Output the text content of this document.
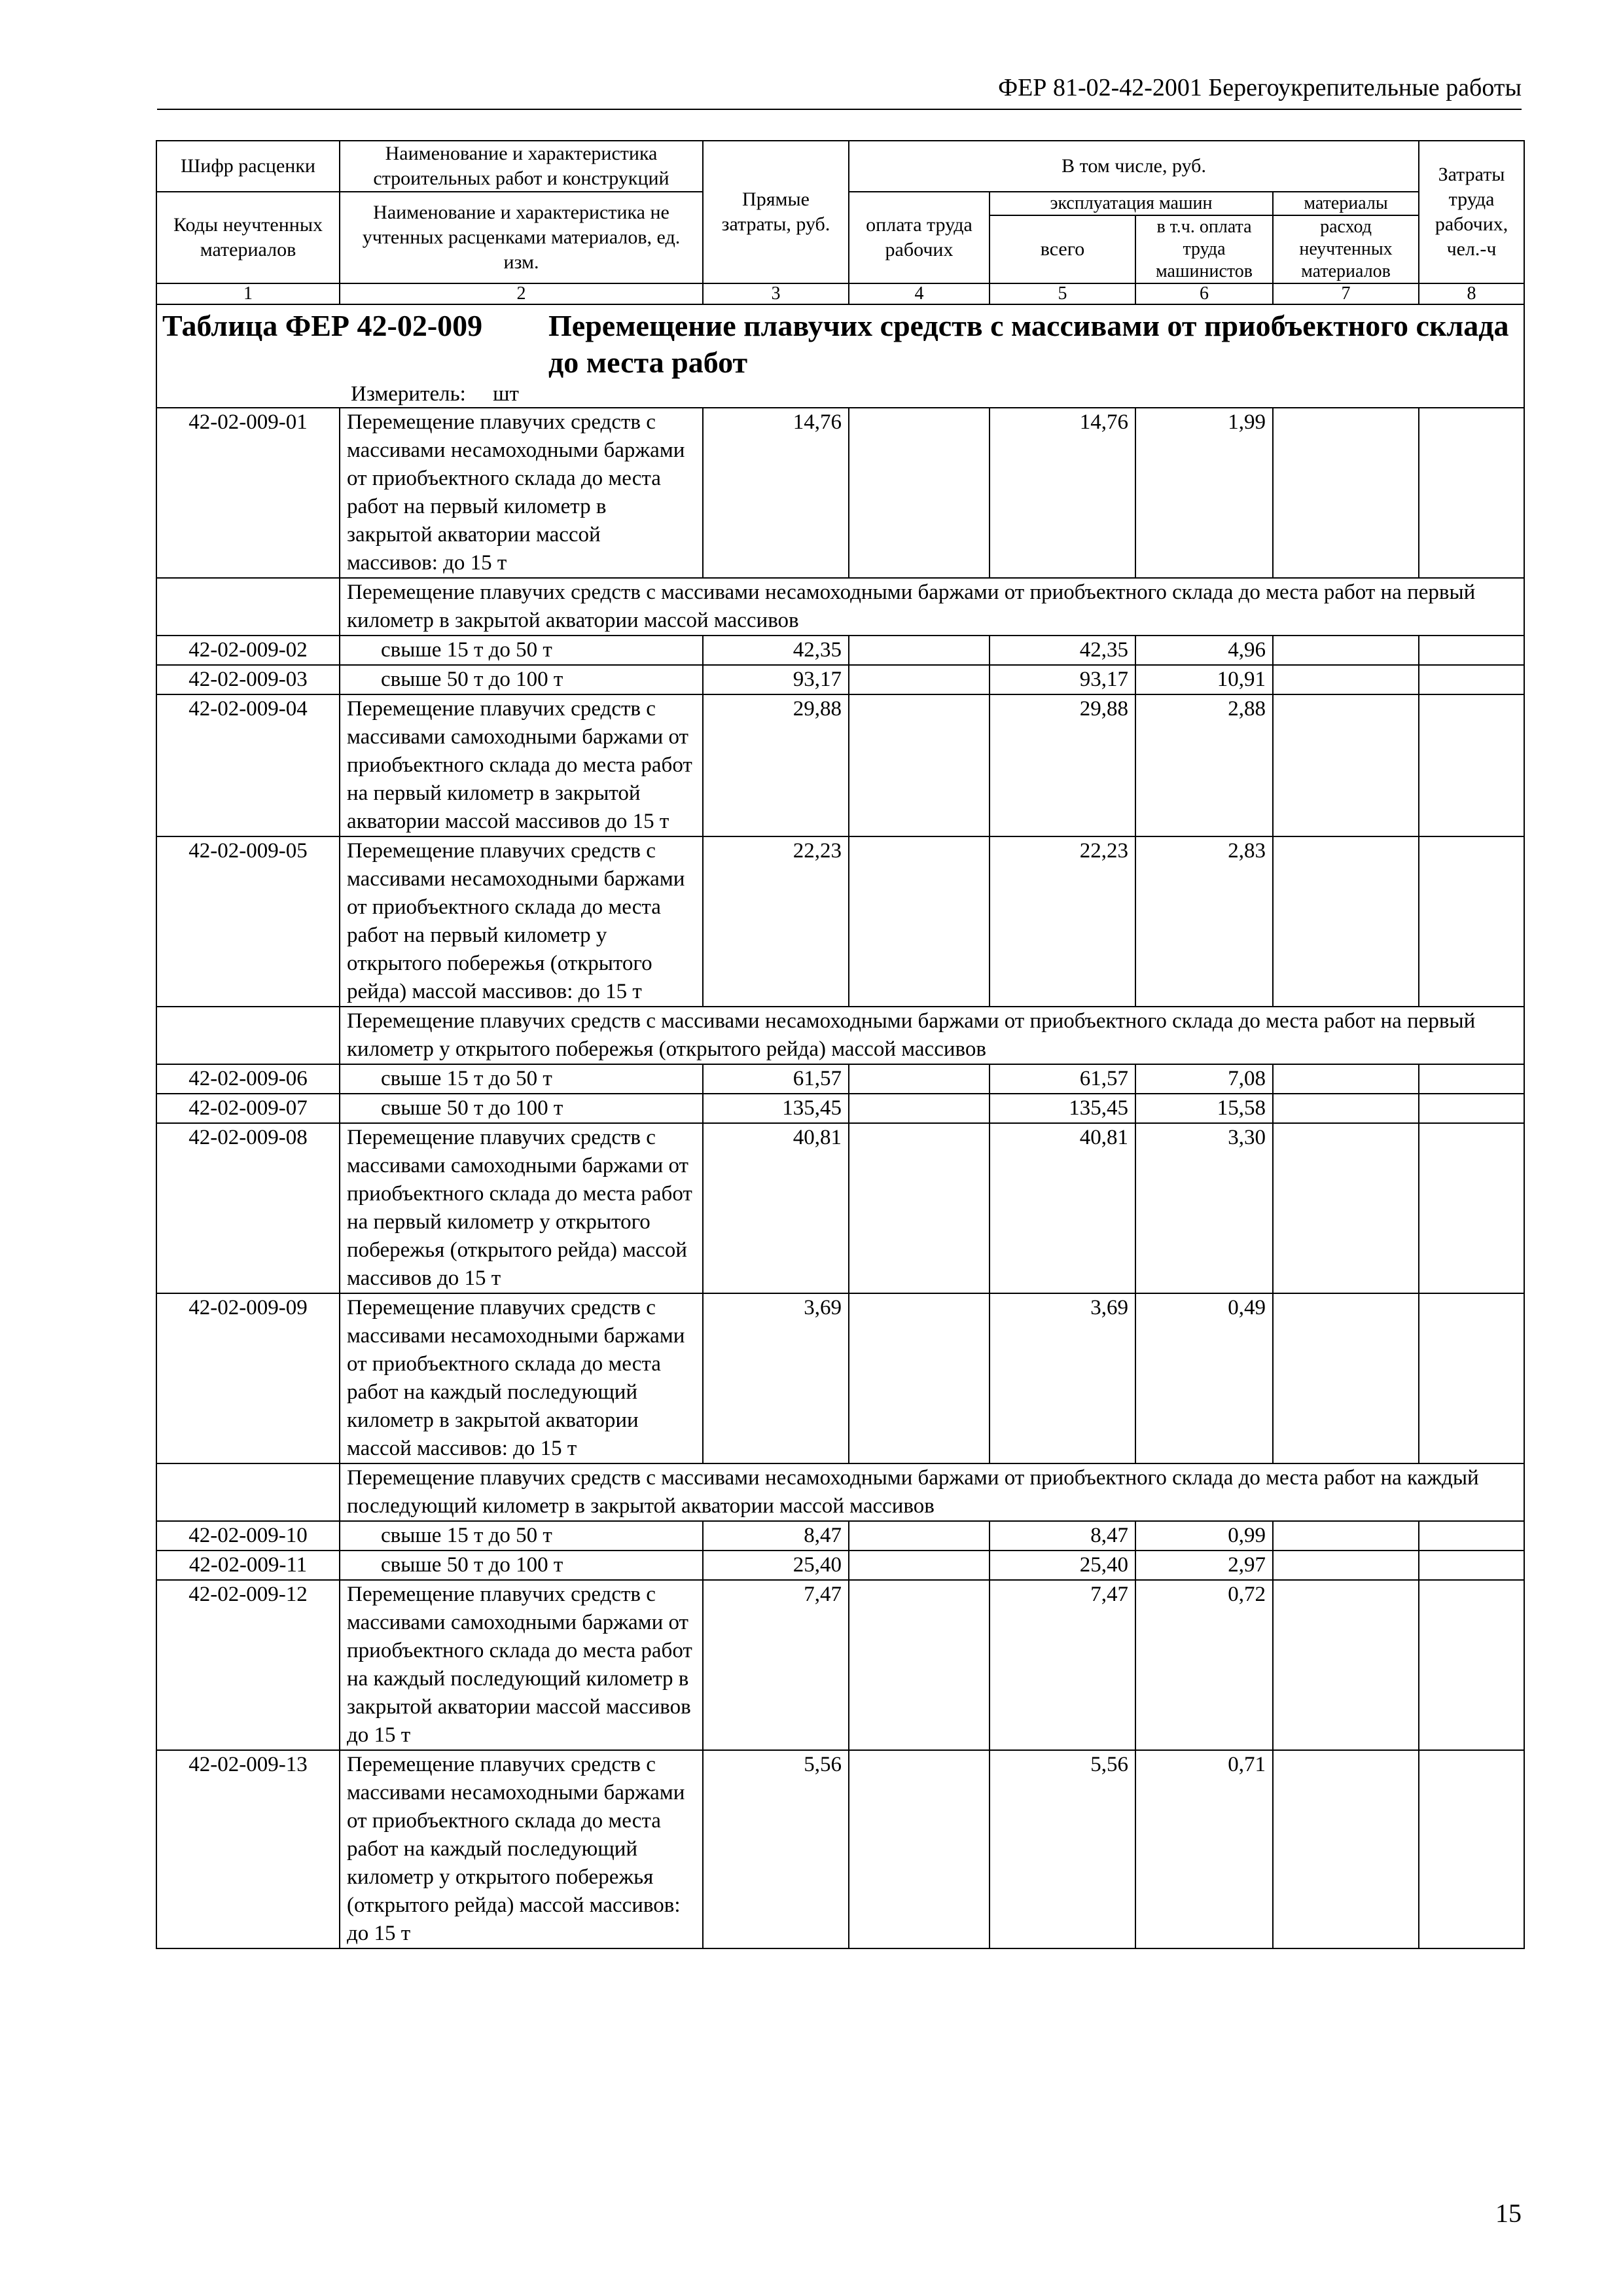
ФЕР 81-02-42-2001 Берегоукрепительные работы
Шифр расценки	Наименование и характеристика строительных работ и конструкций	Прямые затраты, руб.	В том числе, руб.				Затраты труда рабочих, чел.-ч

Коды неучтенных материалов	Наименование и характеристика не учтенных расценками материалов, ед. изм.		оплата труда рабочих	эксплуатация машин		материалы	
				всего	в т.ч. оплата труда машинистов	расход неучтенных материалов	
1	2	3	4	5	6	7	8

Таблица ФЕР 42-02-009 Перемещение плавучих средств с массивами от приобъектного склада до места работ
Измеритель: шт							

42-02-009-01	Перемещение плавучих средств с массивами несамоходными баржами от приобъектного склада до места работ на первый километр в закрытой акватории массой массивов: до 15 т	14,76		14,76	1,99		
	Перемещение плавучих средств с массивами несамоходными баржами от приобъектного склада до места работ на первый километр в закрытой акватории массой массивов						
42-02-009-02	свыше 15 т до 50 т	42,35		42,35	4,96		
42-02-009-03	свыше 50 т до 100 т	93,17		93,17	10,91		
42-02-009-04	Перемещение плавучих средств с массивами самоходными баржами от приобъектного склада до места работ на первый километр в закрытой акватории массой массивов до 15 т	29,88		29,88	2,88		
42-02-009-05	Перемещение плавучих средств с массивами несамоходными баржами от приобъектного склада до места работ на первый километр у открытого побережья (открытого рейда) массой массивов: до 15 т	22,23		22,23	2,83		
	Перемещение плавучих средств с массивами несамоходными баржами от приобъектного склада до места работ на первый километр у открытого побережья (открытого рейда) массой массивов						
42-02-009-06	свыше 15 т до 50 т	61,57		61,57	7,08		
42-02-009-07	свыше 50 т до 100 т	135,45		135,45	15,58		
42-02-009-08	Перемещение плавучих средств с массивами самоходными баржами от приобъектного склада до места работ на первый километр у открытого побережья (открытого рейда) массой массивов до 15 т	40,81		40,81	3,30		
42-02-009-09	Перемещение плавучих средств с массивами несамоходными баржами от приобъектного склада до места работ на каждый последующий километр в закрытой акватории массой массивов: до 15 т	3,69		3,69	0,49		
	Перемещение плавучих средств с массивами несамоходными баржами от приобъектного склада до места работ на каждый последующий километр в закрытой акватории массой массивов						
42-02-009-10	свыше 15 т до 50 т	8,47		8,47	0,99		
42-02-009-11	свыше 50 т до 100 т	25,40		25,40	2,97		
42-02-009-12	Перемещение плавучих средств с массивами самоходными баржами от приобъектного склада до места работ на каждый последующий километр в закрытой акватории массой массивов до 15 т	7,47		7,47	0,72		
42-02-009-13	Перемещение плавучих средств с массивами несамоходными баржами от приобъектного склада до места работ на каждый последующий километр у открытого побережья (открытого рейда) массой массивов: до 15 т	5,56		5,56	0,71		
15
